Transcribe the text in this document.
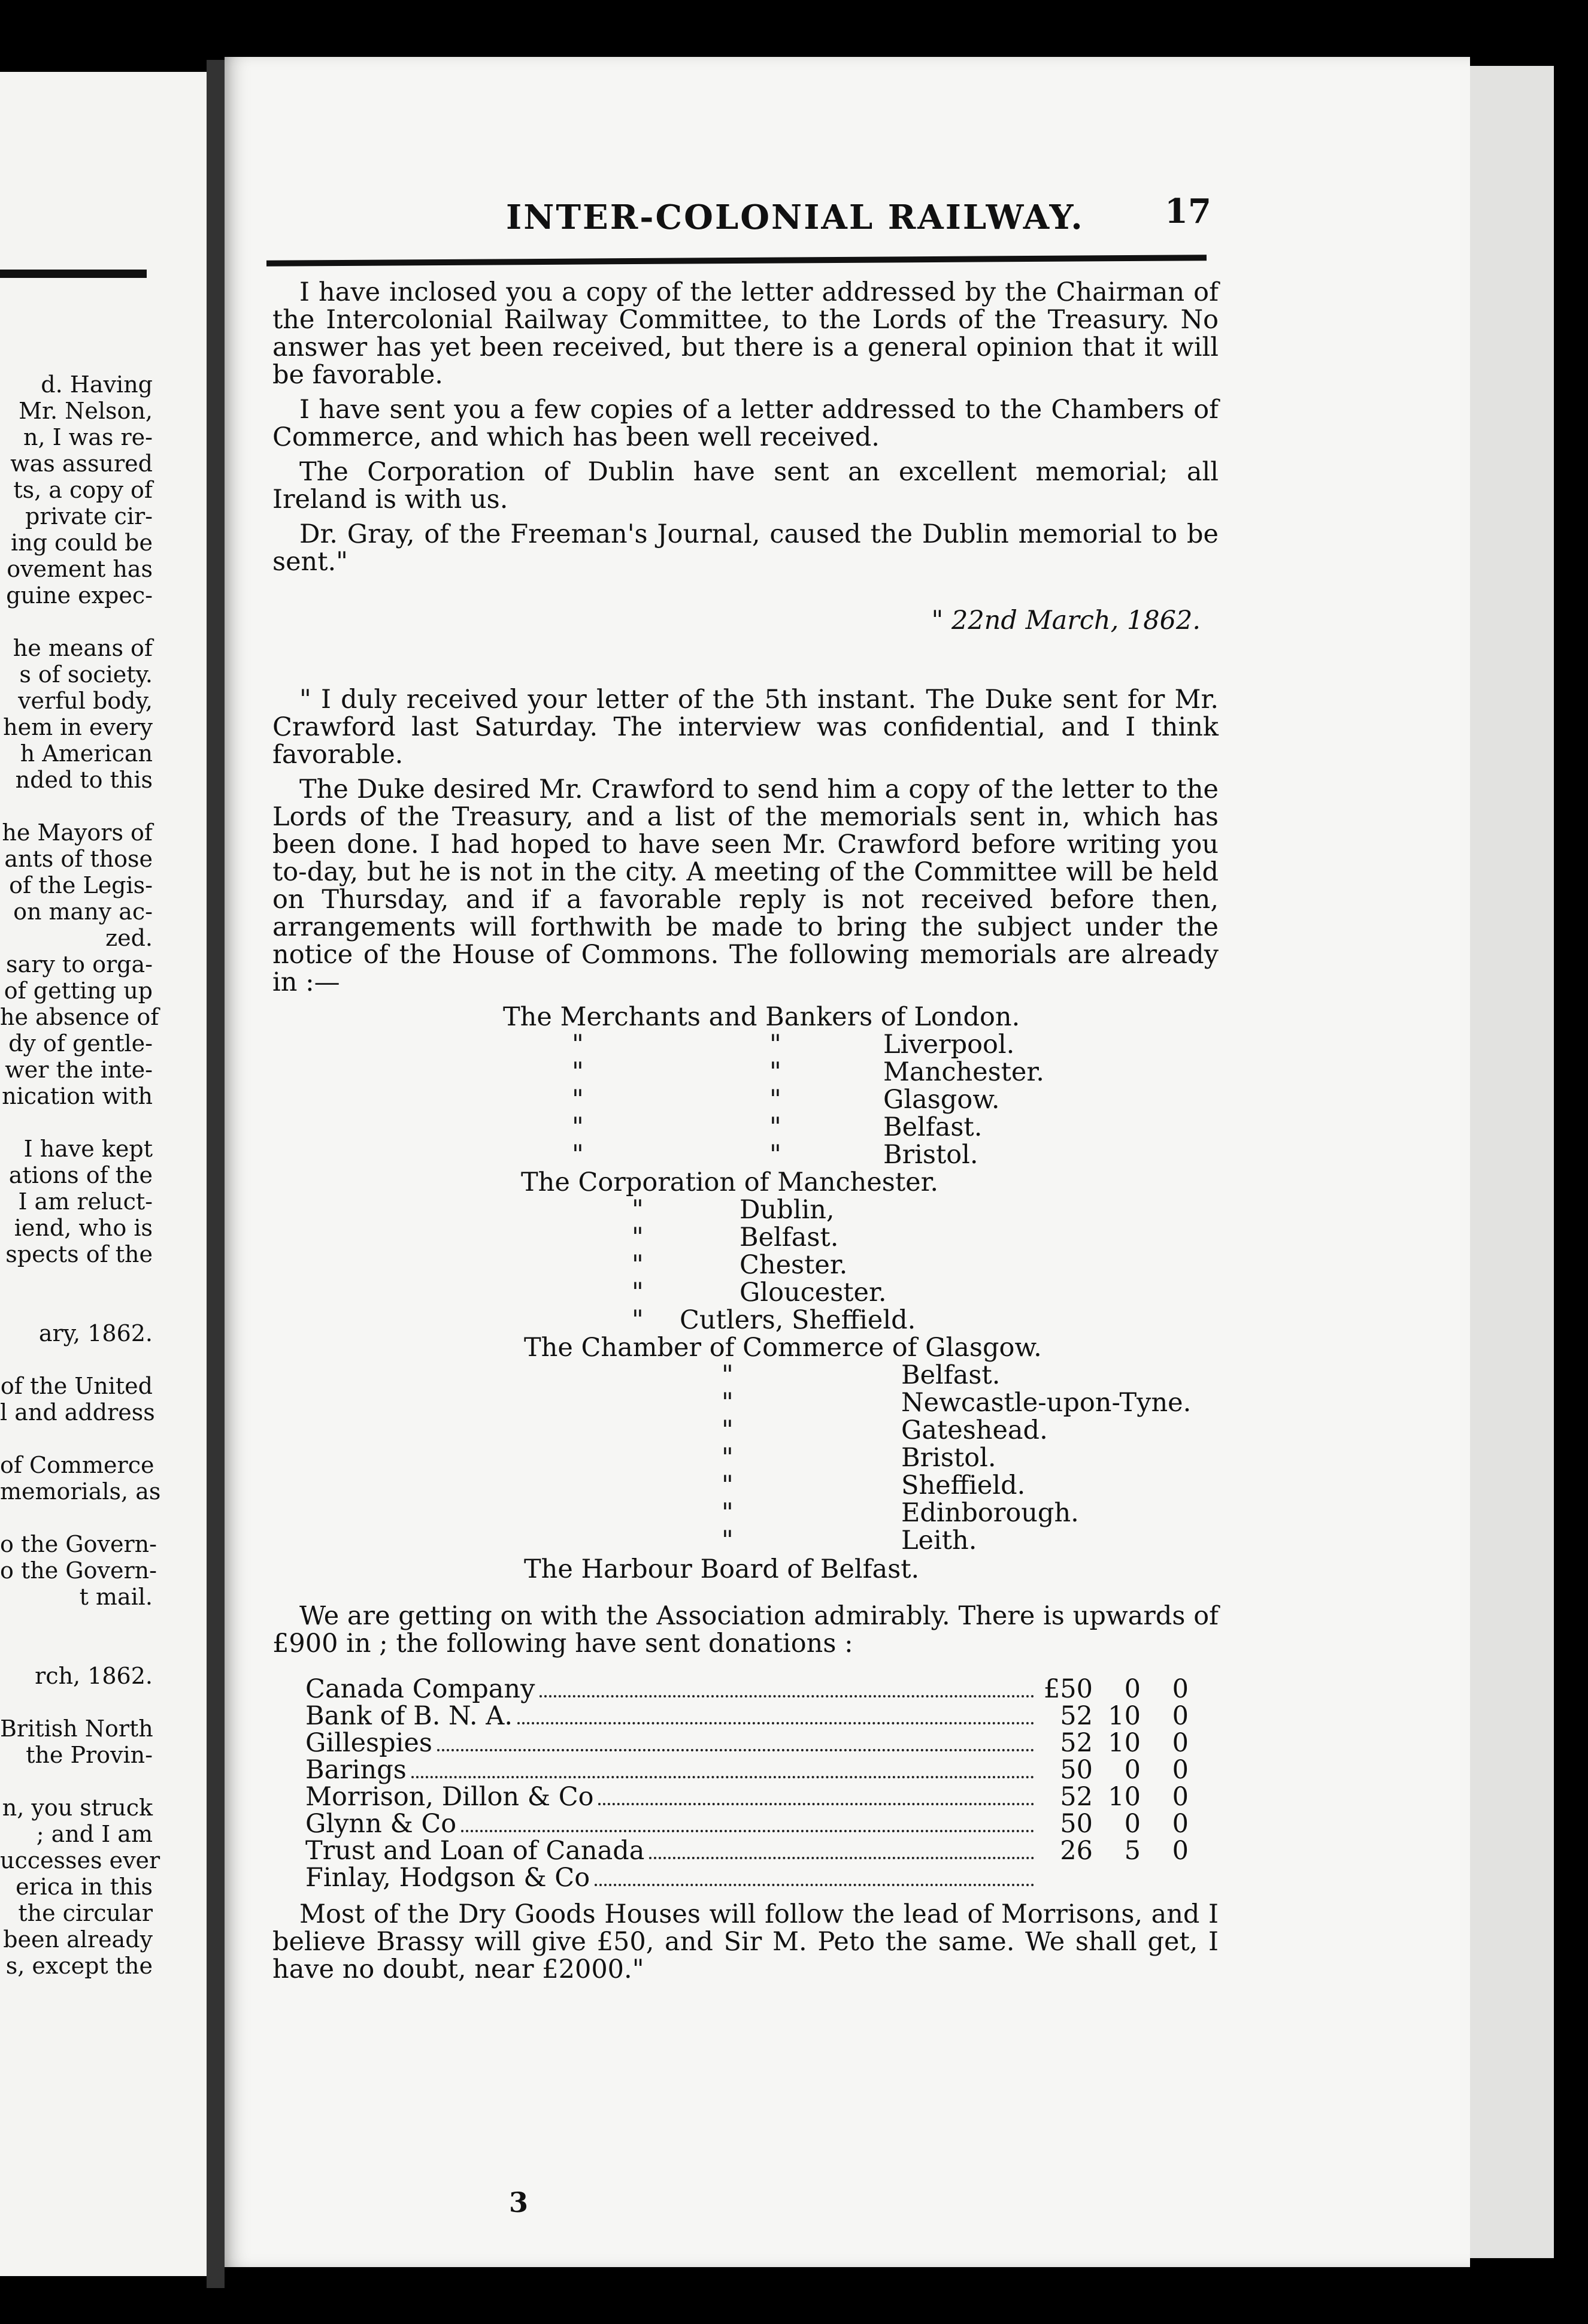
d. Having
Mr. Nelson,
n, I was re-
was assured
ts, a copy of
private cir-
ing could be
ovement has
guine expec-
he means of
s of society.
verful body,
hem in every
h American
nded to this
he Mayors of
ants of those
of the Legis-
on many ac-
zed.
sary to orga-
of getting up
he absence of
dy of gentle-
wer the inte-
nication with
I have kept
ations of the
I am reluct-
iend, who is
spects of the
ary, 1862.
of the United
l and address
of Commerce
memorials, as
o the Govern-
o the Govern-
t mail.
rch, 1862.
British North
the Provin-
n, you struck
; and I am
uccesses ever
erica in this
the circular
been already
s, except the
INTER-COLONIAL RAILWAY. 17

I have inclosed you a copy of the letter addressed by the Chairman of the Intercolonial Railway Committee, to the Lords of the Treasury. No answer has yet been received, but there is a general opinion that it will be favorable.

I have sent you a few copies of a letter addressed to the Chambers of Commerce, and which has been well received.

The Corporation of Dublin have sent an excellent memorial; all Ireland is with us.

Dr. Gray, of the Freeman's Journal, caused the Dublin memorial to be sent."

" 22nd March, 1862.

" I duly received your letter of the 5th instant. The Duke sent for Mr. Crawford last Saturday. The interview was confidential, and I think favorable.

The Duke desired Mr. Crawford to send him a copy of the letter to the Lords of the Treasury, and a list of the memorials sent in, which has been done. I had hoped to have seen Mr. Crawford before writing you to-day, but he is not in the city. A meeting of the Committee will be held on Thursday, and if a favorable reply is not received before then, arrangements will forthwith be made to bring the subject under the notice of the House of Commons. The following memorials are already in :—

The Merchants and Bankers of London.
"	"	Liverpool.
"	"	Manchester.
"	"	Glasgow.
"	"	Belfast.
"	"	Bristol.
The Corporation of Manchester.
"	Dublin,
"	Belfast.
"	Chester.
"	Gloucester.
" Cutlers, Sheffield.
The Chamber of Commerce of Glasgow.
"	Belfast.
"	Newcastle-upon-Tyne.
"	Gateshead.
"	Bristol.
"	Sheffield.
"	Edinborough.
"	Leith.
The Harbour Board of Belfast.

We are getting on with the Association admirably. There is upwards of £900 in ; the following have sent donations :

Canada Company	£50	0	0
Bank of B. N. A.	52 10	0
Gillespies	52 10	0
Barings	50	0	0
Morrison, Dillon & Co	52 10	0
Glynn & Co	50	0	0
Trust and Loan of Canada	26	5	0
Finlay, Hodgson & Co

Most of the Dry Goods Houses will follow the lead of Morrisons, and I believe Brassy will give £50, and Sir M. Peto the same. We shall get, I have no doubt, near £2000."

3
